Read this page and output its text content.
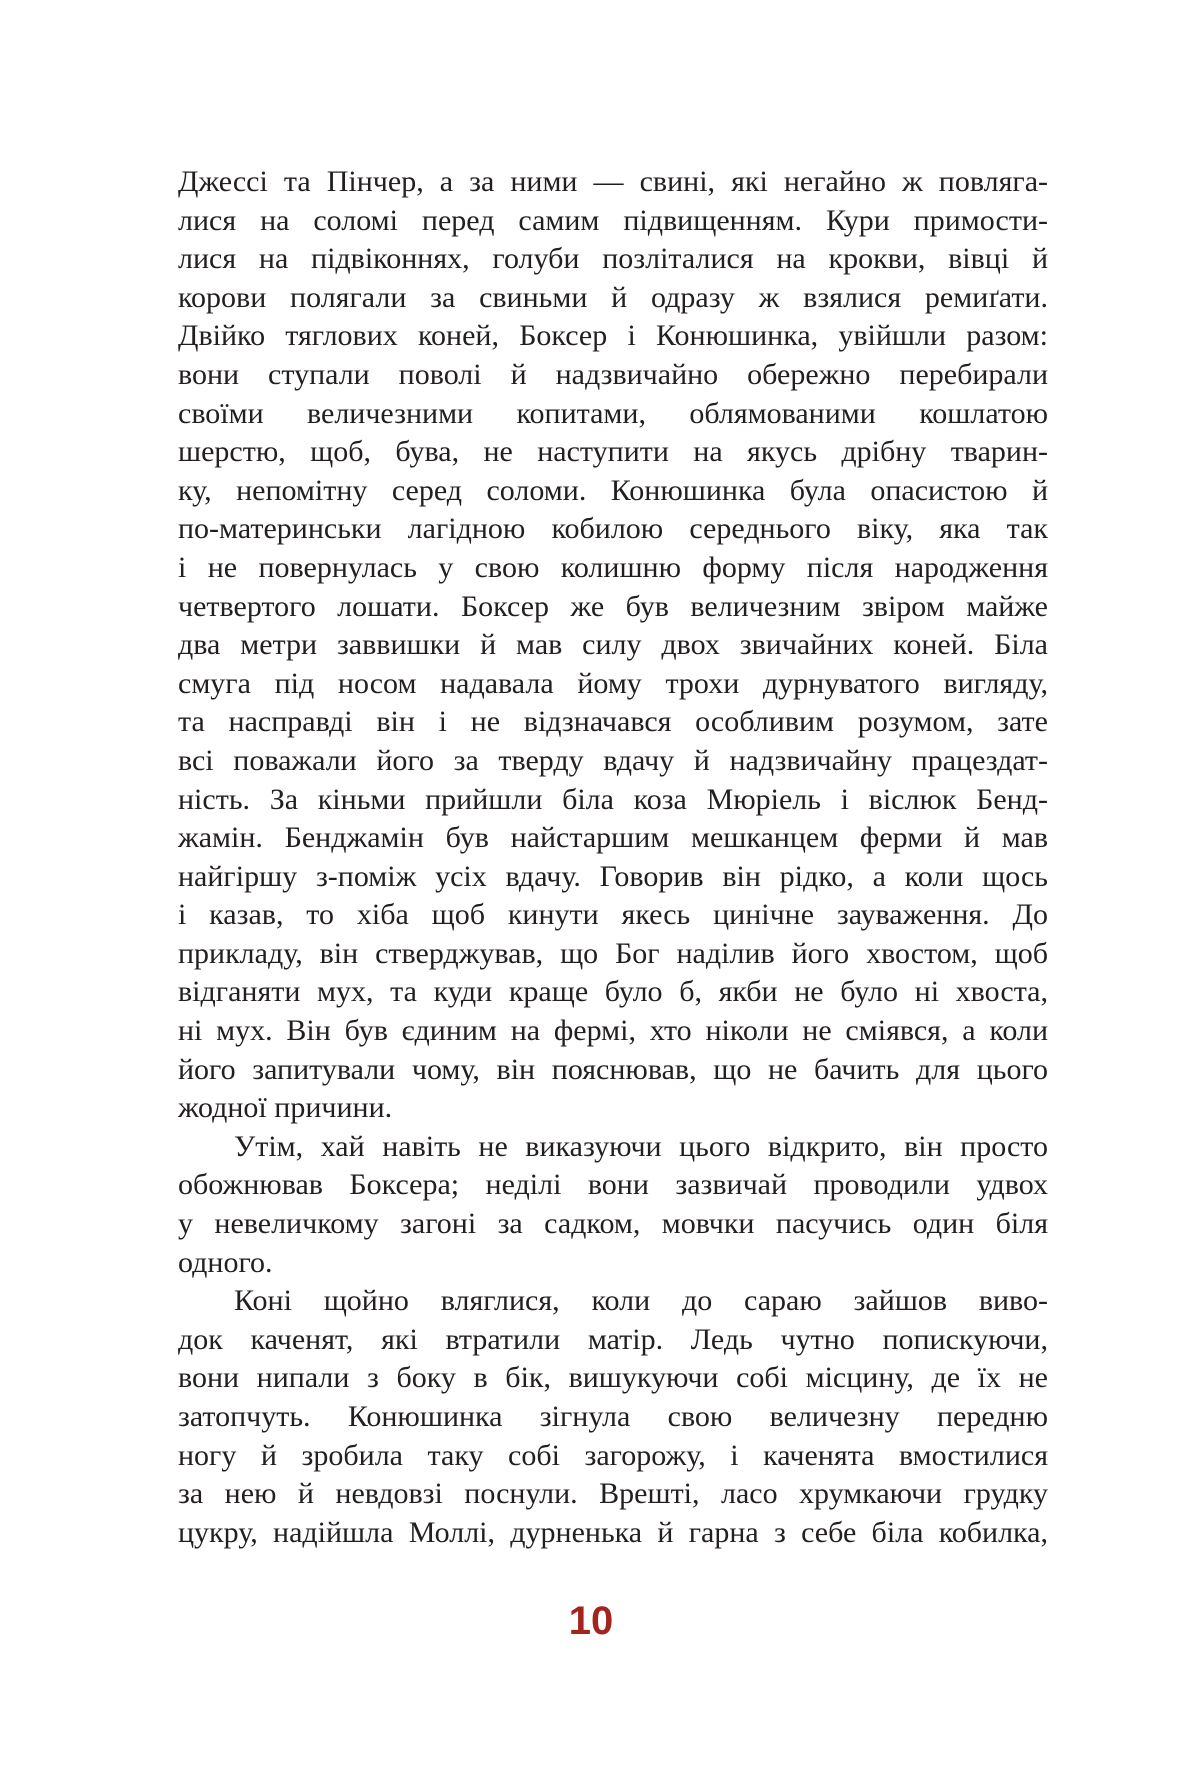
Джессі та Пінчер, а за ними — свині, які негайно ж повляга-
лися на соломі перед самим підвищенням. Кури примости-
лися на підвіконнях, голуби позліталися на крокви, вівці й
корови полягали за свиньми й одразу ж взялися ремиґати.
Двійко тяглових коней, Боксер і Конюшинка, увійшли разом:
вони ступали поволі й надзвичайно обережно перебирали
своїми величезними копитами, облямованими кошлатою
шерстю, щоб, бува, не наступити на якусь дрібну тварин-
ку, непомітну серед соломи. Конюшинка була опасистою й
по-материнськи лагідною кобилою середнього віку, яка так
і не повернулась у свою колишню форму після народження
четвертого лошати. Боксер же був величезним звіром майже
два метри заввишки й мав силу двох звичайних коней. Біла
смуга під носом надавала йому трохи дурнуватого вигляду,
та насправді він і не відзначався особливим розумом, зате
всі поважали його за тверду вдачу й надзвичайну працездат-
ність. За кіньми прийшли біла коза Мюріель і віслюк Бенд-
жамін. Бенджамін був найстаршим мешканцем ферми й мав
найгіршу з-поміж усіх вдачу. Говорив він рідко, а коли щось
і казав, то хіба щоб кинути якесь цинічне зауваження. До
прикладу, він стверджував, що Бог наділив його хвостом, щоб
відганяти мух, та куди краще було б, якби не було ні хвоста,
ні мух. Він був єдиним на фермі, хто ніколи не сміявся, а коли
його запитували чому, він пояснював, що не бачить для цього
жодної причини.
Утім, хай навіть не виказуючи цього відкрито, він просто
обожнював Боксера; неділі вони зазвичай проводили удвох
у невеличкому загоні за садком, мовчки пасучись один біля
одного.
Коні щойно вляглися, коли до сараю зайшов виво-
док каченят, які втратили матір. Ледь чутно попискуючи,
вони нипали з боку в бік, вишукуючи собі місцину, де їх не
затопчуть. Конюшинка зігнула свою величезну передню
ногу й зробила таку собі загорожу, і каченята вмостилися
за нею й невдовзі поснули. Врешті, ласо хрумкаючи грудку
цукру, надійшла Моллі, дурненька й гарна з себе біла кобилка,
10
